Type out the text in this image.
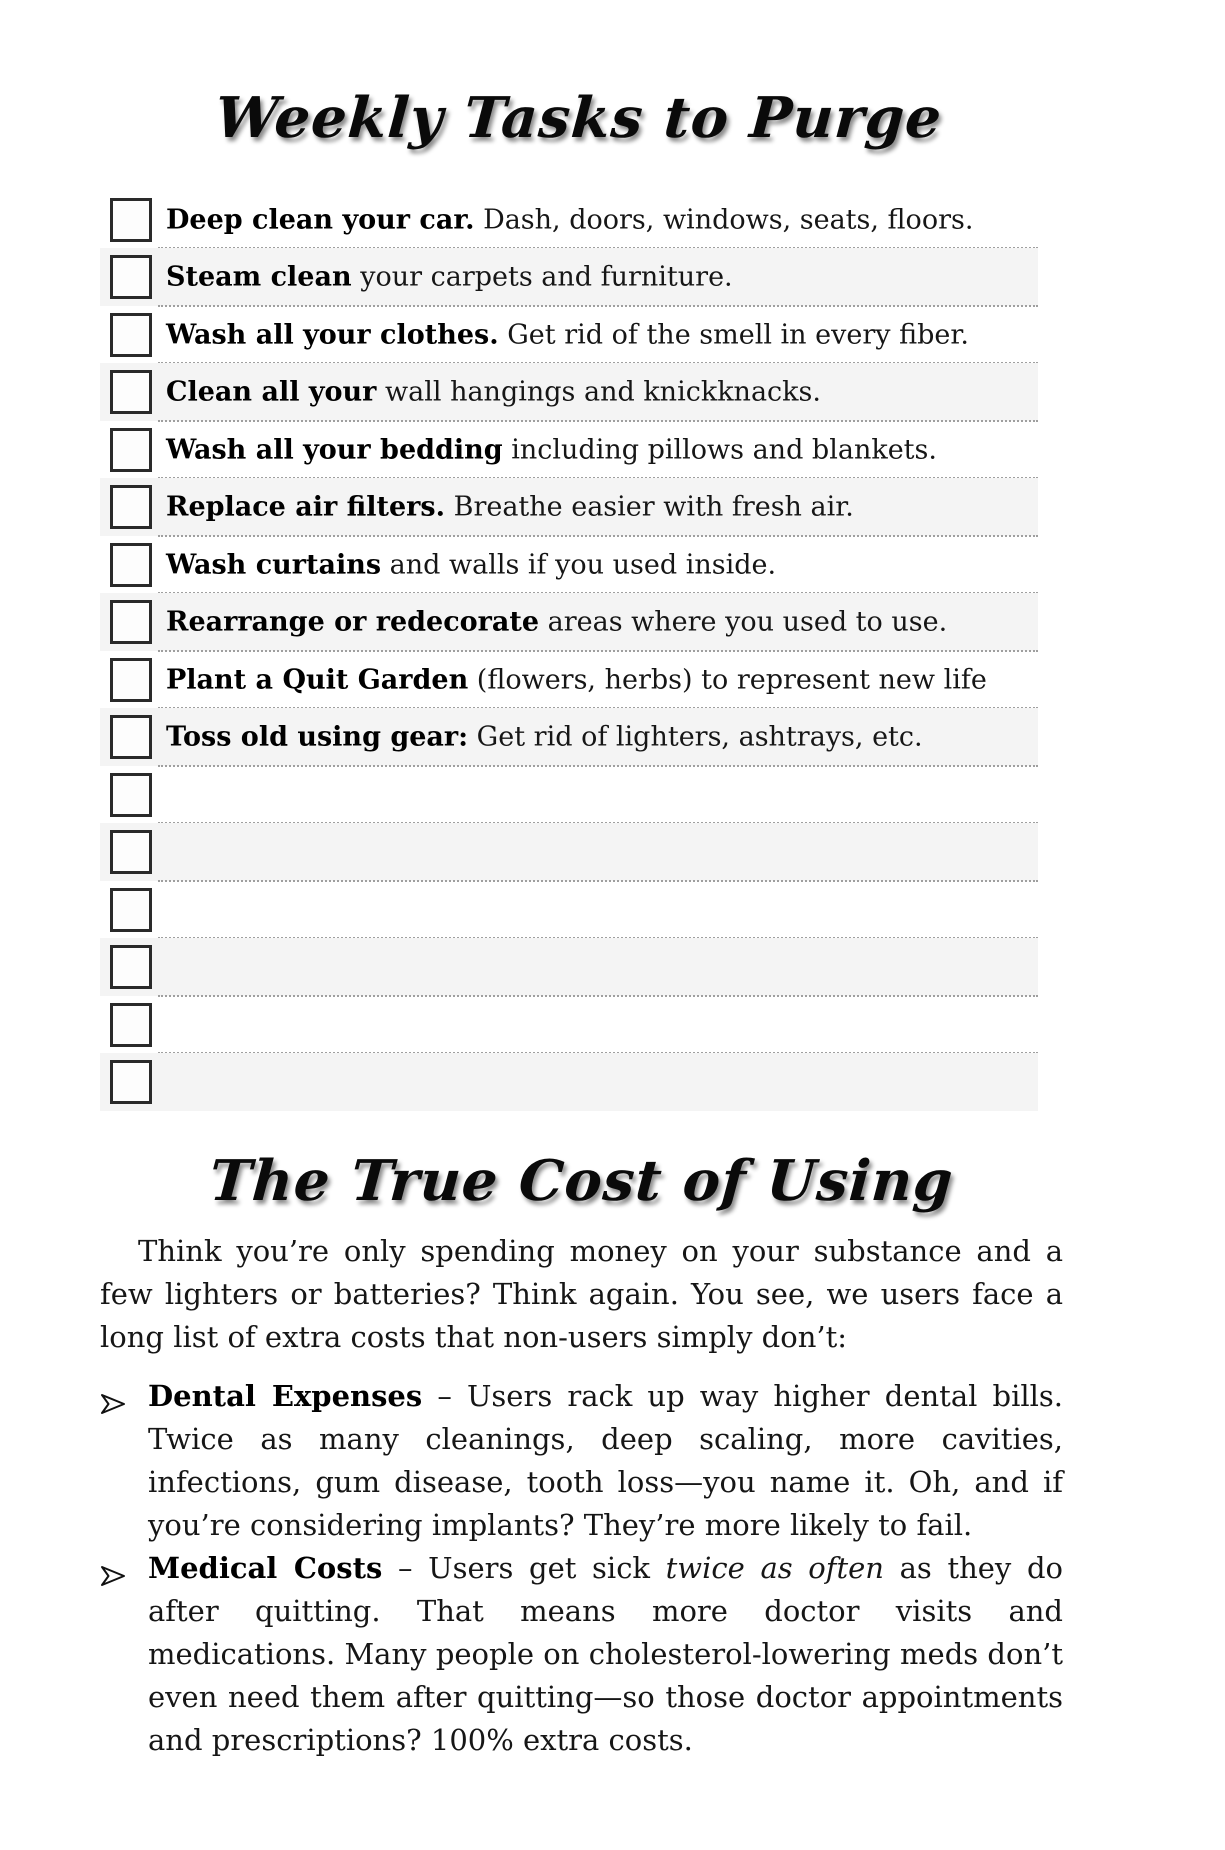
Weekly Tasks to Purge
Deep clean your car. Dash, doors, windows, seats, floors.
Steam clean your carpets and furniture.
Wash all your clothes. Get rid of the smell in every fiber.
Clean all your wall hangings and knickknacks.
Wash all your bedding including pillows and blankets.
Replace air filters. Breathe easier with fresh air.
Wash curtains and walls if you used inside.
Rearrange or redecorate areas where you used to use.
Plant a Quit Garden (flowers, herbs) to represent new life
Toss old using gear: Get rid of lighters, ashtrays, etc.
The True Cost of Using

Think you’re only spending money on your substance and a few lighters or batteries? Think again. You see, we users face a long list of extra costs that non-users simply don’t:

Dental Expenses – Users rack up way higher dental bills. Twice as many cleanings, deep scaling, more cavities, infections, gum disease, tooth loss—you name it. Oh, and if you’re considering implants? They’re more likely to fail.
Medical Costs – Users get sick twice as often as they do after quitting. That means more doctor visits and medications. Many people on cholesterol-lowering meds don’t even need them after quitting—so those doctor appointments and prescriptions? 100% extra costs.
